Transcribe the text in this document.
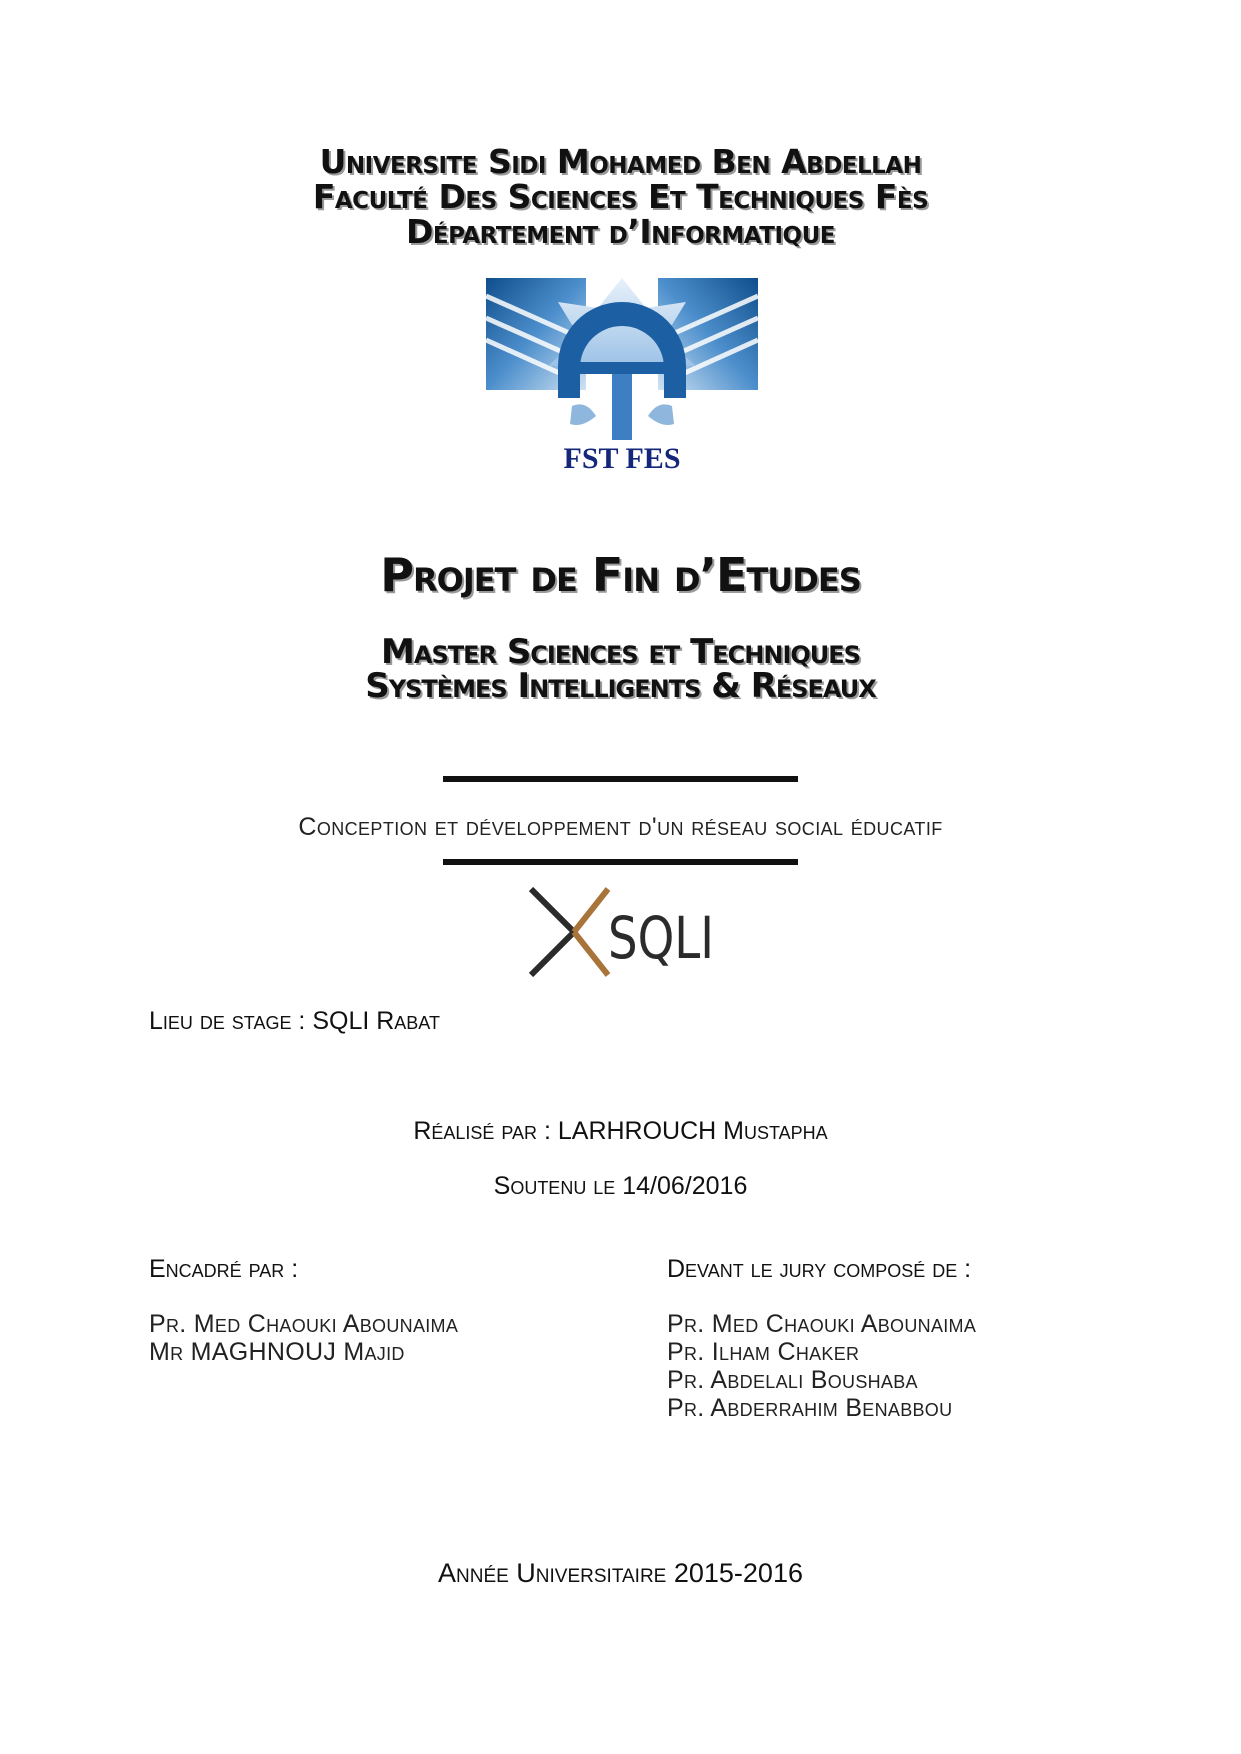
Universite Sidi Mohamed Ben Abdellah
Faculté Des Sciences Et Techniques Fès
Département d’Informatique
FST FES
Projet de Fin d’Etudes
Master Sciences et Techniques
Systèmes Intelligents & Réseaux
Conception et développement d'un réseau social éducatif
SQLI
Lieu de stage : SQLI Rabat
Réalisé par : LARHROUCH Mustapha
Soutenu le 14/06/2016
Encadré par :	Devant le jury composé de :
Pr. Med Chaouki Abounaima
Mr MAGHNOUJ Majid
Pr. Med Chaouki Abounaima
Pr. Ilham Chaker
Pr. Abdelali Boushaba
Pr. Abderrahim Benabbou
Année Universitaire 2015-2016
